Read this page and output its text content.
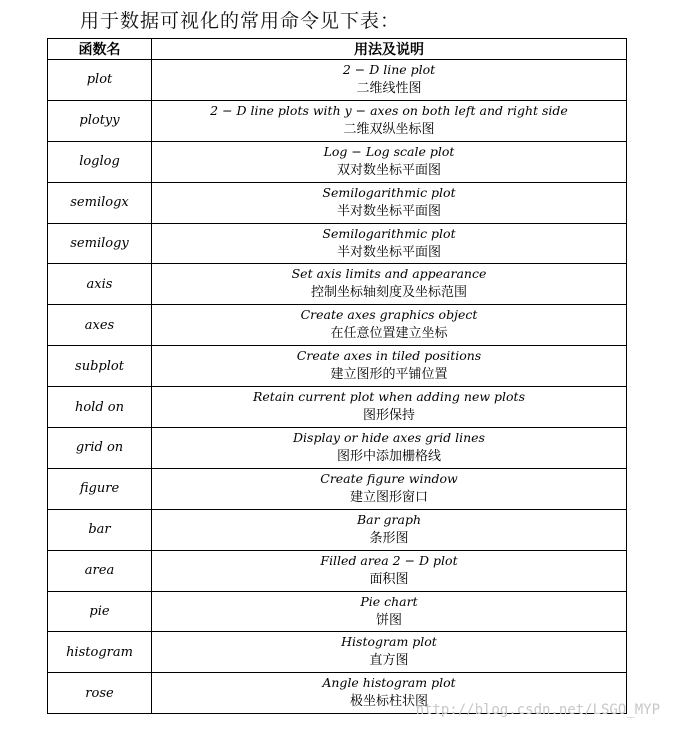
用于数据可视化的常用命令见下表：
函数名	用法及说明
plot	2 − D line plot
二维线性图

plotyy	2 − D line plots with y − axes on both left and right side
二维双纵坐标图

loglog	Log − Log scale plot
双对数坐标平面图

semilogx	Semilogarithmic plot
半对数坐标平面图

semilogy	Semilogarithmic plot
半对数坐标平面图

axis	Set axis limits and appearance
控制坐标轴刻度及坐标范围

axes	Create axes graphics object
在任意位置建立坐标

subplot	Create axes in tiled positions
建立图形的平铺位置

hold on	Retain current plot when adding new plots
图形保持

grid on	Display or hide axes grid lines
图形中添加栅格线

figure	Create figure window
建立图形窗口

bar	Bar graph
条形图

area	Filled area 2 − D plot
面积图

pie	Pie chart
饼图

histogram	Histogram plot
直方图

rose	Angle histogram plot
极坐标柱状图
http://blog.csdn.net/LSGO_MYP
